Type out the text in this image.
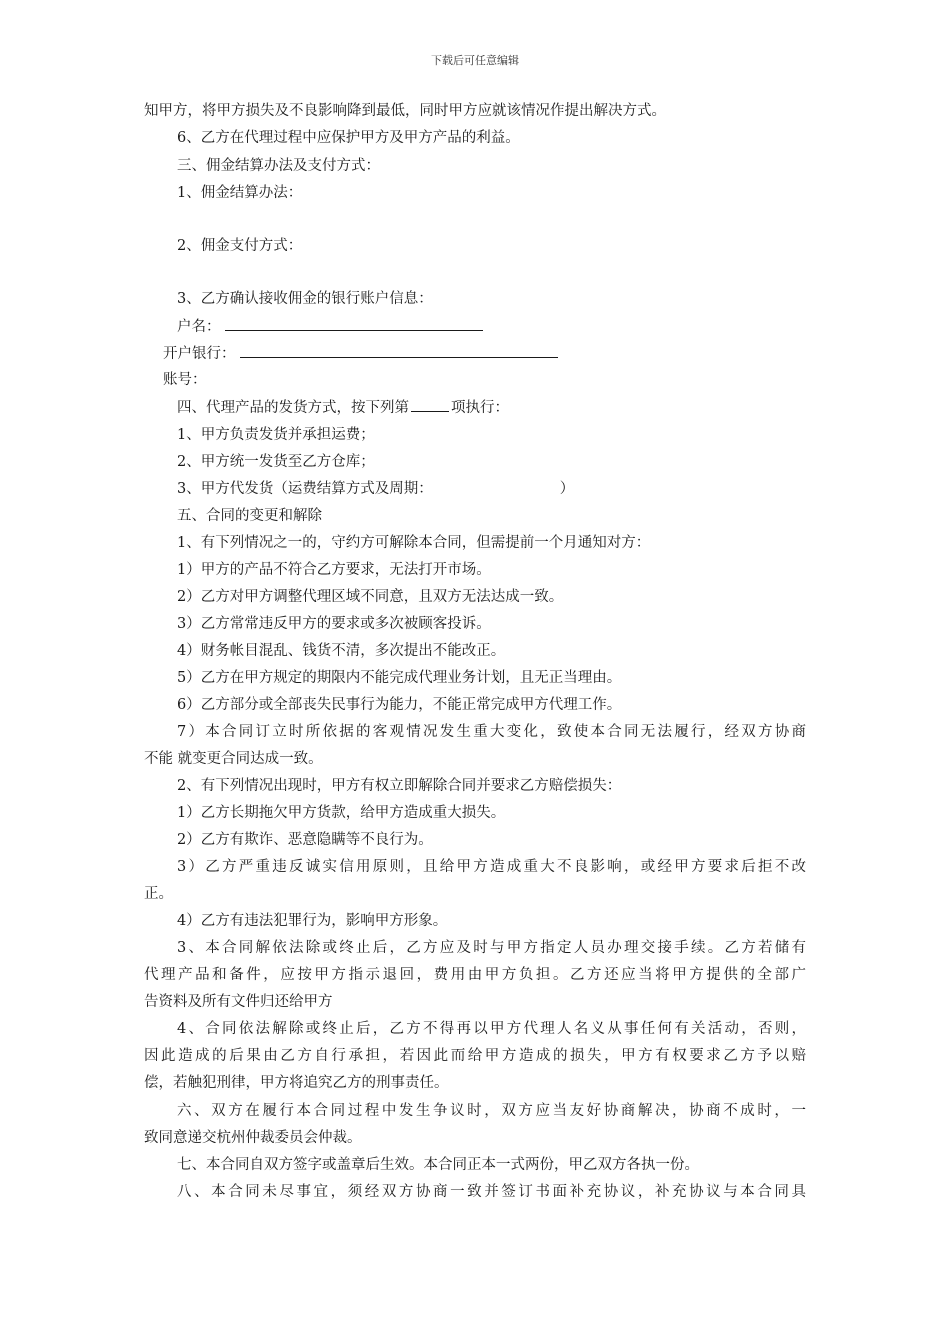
下载后可任意编辑
知甲方，将甲方损失及不良影响降到最低，同时甲方应就该情况作提出解决方式。
6、乙方在代理过程中应保护甲方及甲方产品的利益。
三、佣金结算办法及支付方式：
1、佣金结算办法：
2、佣金支付方式：
3、乙方确认接收佣金的银行账户信息：
户名：
开户银行：
账号：
四、代理产品的发货方式，按下列第	项执行：
1、甲方负责发货并承担运费；
2、甲方统一发货至乙方仓库；
3、甲方代发货（运费结算方式及周期：	）
五、合同的变更和解除
1、有下列情况之一的，守约方可解除本合同，但需提前一个月通知对方：
1）甲方的产品不符合乙方要求，无法打开市场。
2）乙方对甲方调整代理区域不同意，且双方无法达成一致。
3）乙方常常违反甲方的要求或多次被顾客投诉。
4）财务帐目混乱、钱货不清，多次提出不能改正。
5）乙方在甲方规定的期限内不能完成代理业务计划，且无正当理由。
6）乙方部分或全部丧失民事行为能力，不能正常完成甲方代理工作。
7）本合同订立时所依据的客观情况发生重大变化，致使本合同无法履行，经双方协商
不能 就变更合同达成一致。
2、有下列情况出现时，甲方有权立即解除合同并要求乙方赔偿损失：
1）乙方长期拖欠甲方货款，给甲方造成重大损失。
2）乙方有欺诈、恶意隐瞒等不良行为。
3）乙方严重违反诚实信用原则，且给甲方造成重大不良影响，或经甲方要求后拒不改
正。
4）乙方有违法犯罪行为，影响甲方形象。
3、本合同解依法除或终止后，乙方应及时与甲方指定人员办理交接手续。乙方若储有
代理产品和备件，应按甲方指示退回，费用由甲方负担。乙方还应当将甲方提供的全部广
告资料及所有文件归还给甲方
4、合同依法解除或终止后，乙方不得再以甲方代理人名义从事任何有关活动，否则，
因此造成的后果由乙方自行承担，若因此而给甲方造成的损失，甲方有权要求乙方予以赔
偿，若触犯刑律，甲方将追究乙方的刑事责任。
六、双方在履行本合同过程中发生争议时，双方应当友好协商解决，协商不成时，一
致同意递交杭州仲裁委员会仲裁。
七、本合同自双方签字或盖章后生效。本合同正本一式两份，甲乙双方各执一份。
八、本合同未尽事宜，须经双方协商一致并签订书面补充协议，补充协议与本合同具
